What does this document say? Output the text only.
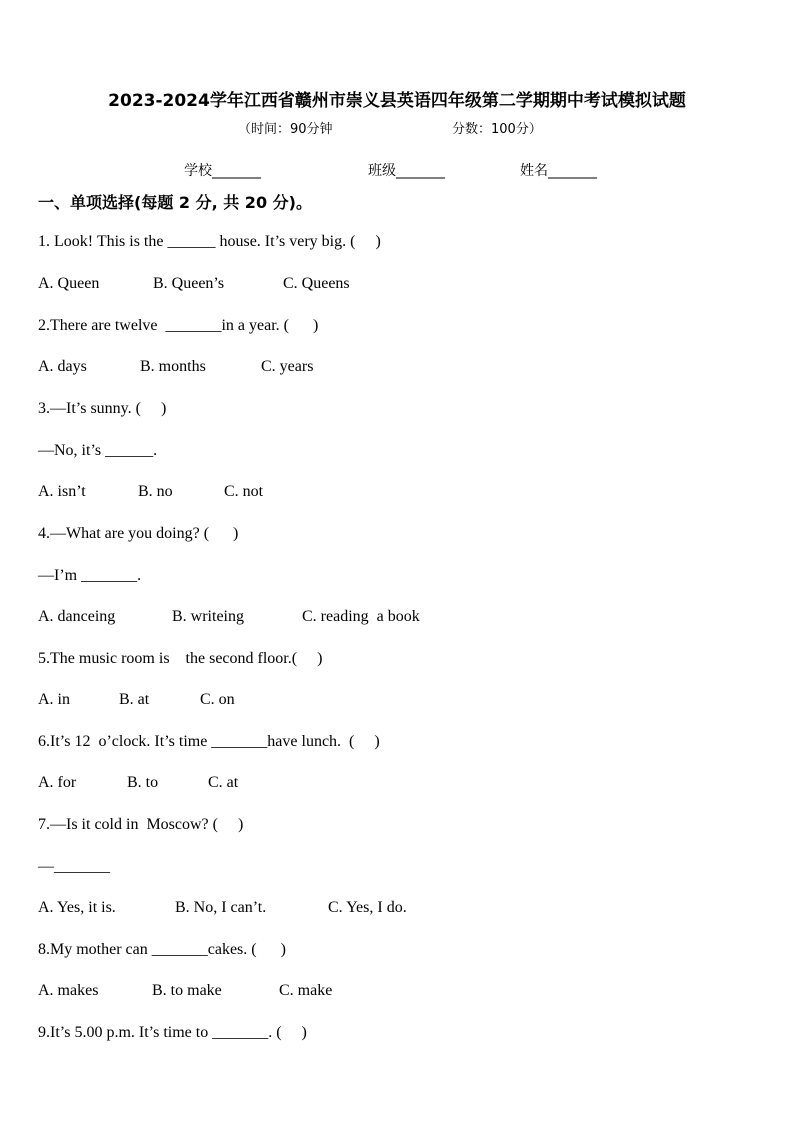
2023-2024学年江西省赣州市崇义县英语四年级第二学期期中考试模拟试题
（时间：90分钟	分数：100分）
学校_______	班级_______	姓名_______
一、单项选择(每题 2 分, 共 20 分)。
1. Look! This is the ______ house. It’s very big. (     )
A. Queen	B. Queen’s	C. Queens
2.There are twelve  _______in a year. (      )
A. days	B. months	C. years
3.—It’s sunny. (     )
—No, it’s ______.
A. isn’t	B. no	C. not
4.—What are you doing? (      )
—I’m _______.
A. danceing	B. writeing	C. reading  a book
5.The music room is    the second floor.(     )
A. in	B. at	C. on
6.It’s 12  o’clock. It’s time _______have lunch.  (     )
A. for	B. to	C. at
7.—Is it cold in  Moscow? (     )
—_______
A. Yes, it is.	B. No, I can’t.	C. Yes, I do.
8.My mother can _______cakes. (      )
A. makes	B. to make	C. make
9.It’s 5.00 p.m. It’s time to _______. (     )
